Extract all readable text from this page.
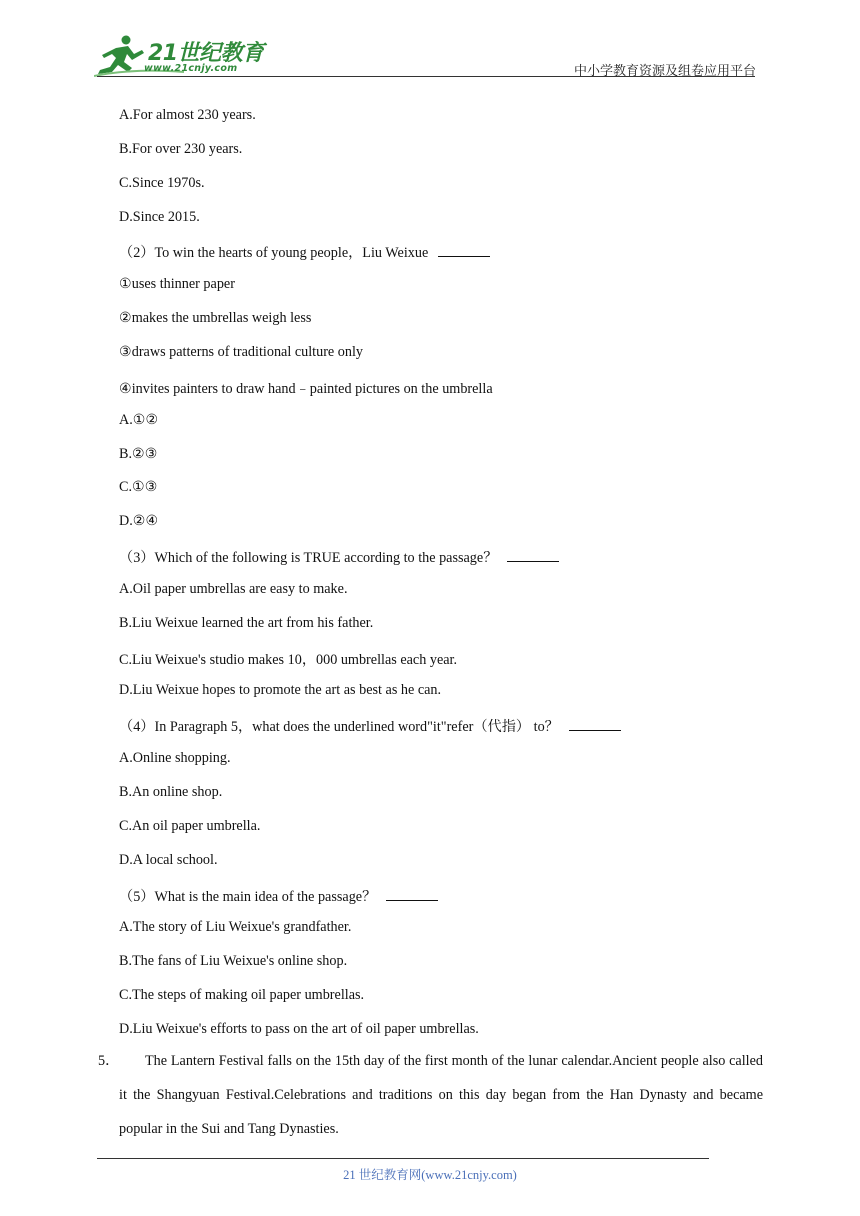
21世纪教育
www.21cnjy.com	中小学教育资源及组卷应用平台
A.For almost 230 years.
B.For over 230 years.
C.Since 1970s.
D.Since 2015.
（2）To win the hearts of young people，Liu Weixue
①uses thinner paper
②makes the umbrellas weigh less
③draws patterns of traditional culture only
④invites painters to draw hand﹣painted pictures on the umbrella
A.①②
B.②③
C.①③
D.②④
（3）Which of the following is TRUE according to the passage？
A.Oil paper umbrellas are easy to make.
B.Liu Weixue learned the art from his father.
C.Liu Weixue's studio makes 10，000 umbrellas each year.
D.Liu Weixue hopes to promote the art as best as he can.
（4）In Paragraph 5，what does the underlined word"it"refer（代指） to？
A.Online shopping.
B.An online shop.
C.An oil paper umbrella.
D.A local school.
（5）What is the main idea of the passage？
A.The story of Liu Weixue's grandfather.
B.The fans of Liu Weixue's online shop.
C.The steps of making oil paper umbrellas.
D.Liu Weixue's efforts to pass on the art of oil paper umbrellas.
5．	The Lantern Festival falls on the 15th day of the first month of the lunar calendar.Ancient people also called it the Shangyuan Festival.Celebrations and traditions on this day began from the Han Dynasty and became popular in the Sui and Tang Dynasties.
21 世纪教育网(www.21cnjy.com)
